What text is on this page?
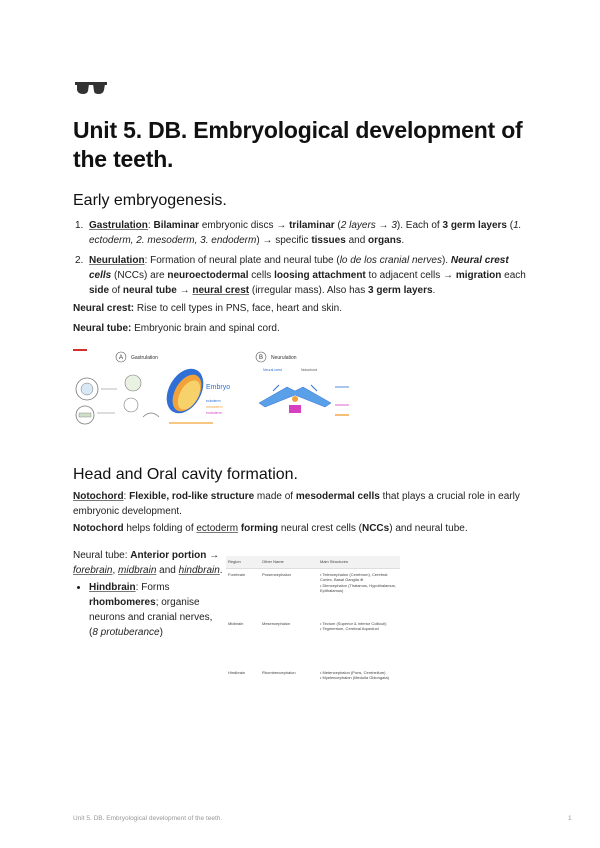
Unit 5. DB. Embryological development of the teeth.
Early embryogenesis.
1. Gastrulation: Bilaminar embryonic discs → trilaminar (2 layers → 3). Each of 3 germ layers (1. ectoderm, 2. mesoderm, 3. endoderm) → specific tissues and organs.
2. Neurulation: Formation of neural plate and neural tube (lo de los cranial nerves). Neural crest cells (NCCs) are neuroectodermal cells loosing attachment to adjacent cells → migration each side of neural tube → neural crest (irregular mass). Also has 3 germ layers.

Neural crest: Rise to cell types in PNS, face, heart and skin.

Neural tube: Embryonic brain and spinal cord.

A Gastrulation
Embryo
ectoderm
mesoderm
endoderm
B Neurulation
Neural crest	Notochord
Head and Oral cavity formation.

Notochord: Flexible, rod-like structure made of mesodermal cells that plays a crucial role in early embryonic development.

Notochord helps folding of ectoderm forming neural crest cells (NCCs) and neural tube.

Neural tube: Anterior portion → forebrain, midbrain and hindbrain.
• Hindbrain: Forms rhombomeres; organise neurons and cranial nerves, (8 protuberance)
Region	Other Name	Main Structures
Forebrain	Prosencephalon	• Telencephalon (Cerebrum), Cerebral Cortex, Basal Ganglia ⊕
• Diencephalon (Thalamus, Hypothalamus, Epithalamus)

Midbrain	Mesencephalon	• Tectum (Superior & Inferior Colliculi)
• Tegmentum, Cerebral Aqueduct

Hindbrain	Rhombencephalon	• Metencephalon (Pons, Cerebellum)
• Myelencephalon (Medulla Oblongata)
Unit 5. DB. Embryological development of the teeth.	1
